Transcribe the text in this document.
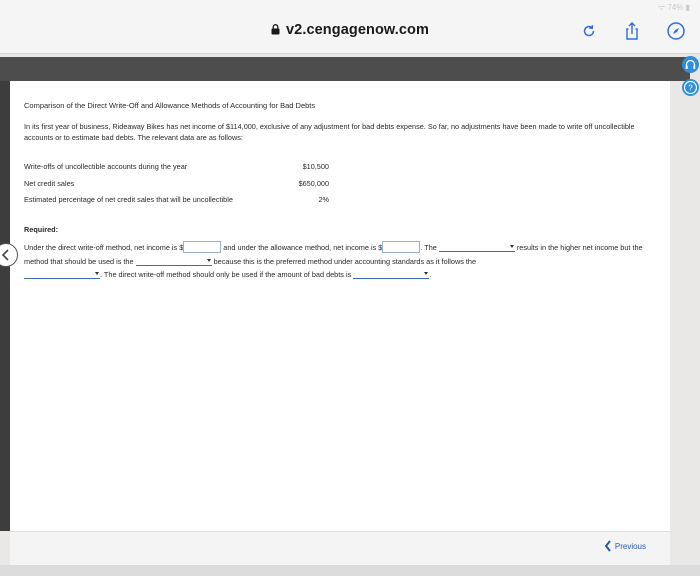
ᯤ 74% ▮
v2.cengagenow.com
?
Comparison of the Direct Write-Off and Allowance Methods of Accounting for Bad Debts
In its first year of business, Rideaway Bikes has net income of $114,000, exclusive of any adjustment for bad debts expense. So far, no adjustments have been made to write off uncollectible accounts or to estimate bad debts. The relevant data are as follows:
Write-offs of uncollectible accounts during the year	$10,500
Net credit sales	$650,000
Estimated percentage of net credit sales that will be uncollectible	2%
Required:
Under the direct write-off method, net income is $	and under the allowance method, net income is $	. The	results in the higher net income but the method that should be used is the	because this is the preferred method under accounting standards as it follows the
. The direct write-off method should only be used if the amount of bad debts is	.
Previous
